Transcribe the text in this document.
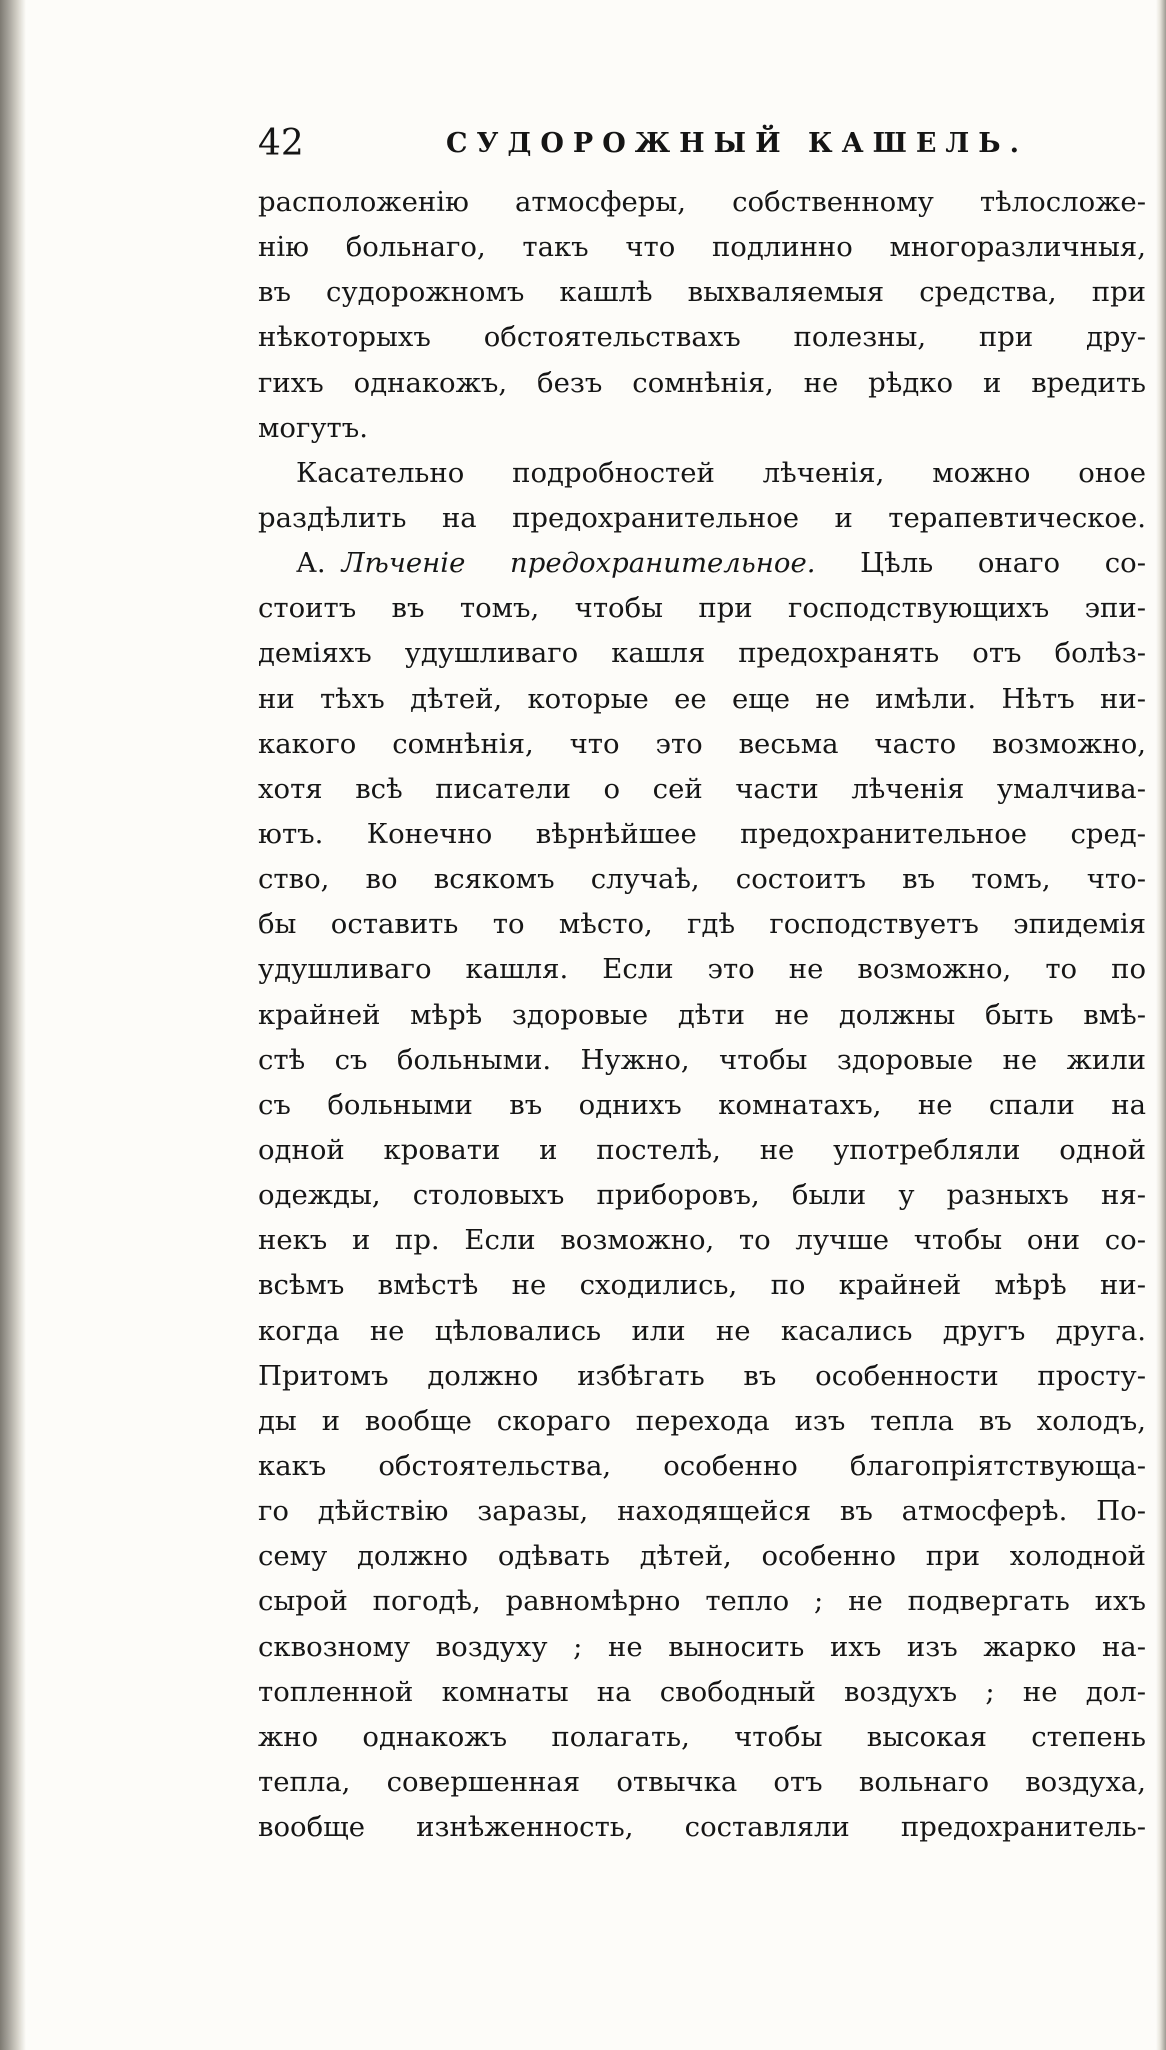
42	СУДОРОЖНЫЙ КАШЕЛЬ.
расположенiю атмосферы, собственному тѣлосложе-
нiю больнаго, такъ что подлинно многоразличныя,
въ судорожномъ кашлѣ выхваляемыя средства, при
нѣкоторыхъ обстоятельствахъ полезны, при дру-
гихъ однакожъ, безъ сомнѣнiя, не рѣдко и вредить
могутъ.
Касательно подробностей лѣченiя, можно оное
раздѣлить на предохранительное и терапевтическое.
А. Лѣченiе предохранительное. Цѣль онаго со-
стоитъ въ томъ, чтобы при господствующихъ эпи-
демiяхъ удушливаго кашля предохранять отъ болѣз-
ни тѣхъ дѣтей, которые ее еще не имѣли. Нѣтъ ни-
какого сомнѣнiя, что это весьма часто возможно,
хотя всѣ писатели о сей части лѣченiя умалчива-
ютъ. Конечно вѣрнѣйшее предохранительное сред-
ство, во всякомъ случаѣ, состоитъ въ томъ, что-
бы оставить то мѣсто, гдѣ господствуетъ эпидемiя
удушливаго кашля. Если это не возможно, то по
крайней мѣрѣ здоровые дѣти не должны быть вмѣ-
стѣ съ больными. Нужно, чтобы здоровые не жили
съ больными въ однихъ комнатахъ, не спали на
одной кровати и постелѣ, не употребляли одной
одежды, столовыхъ приборовъ, были у разныхъ ня-
некъ и пр. Если возможно, то лучше чтобы они со-
всѣмъ вмѣстѣ не сходились, по крайней мѣрѣ ни-
когда не цѣловались или не касались другъ друга.
Притомъ должно избѣгать въ особенности просту-
ды и вообще скораго перехода изъ тепла въ холодъ,
какъ обстоятельства, особенно благопрiятствующа-
го дѣйствiю заразы, находящейся въ атмосферѣ. По-
сему должно одѣвать дѣтей, особенно при холодной
сырой погодѣ, равномѣрно тепло ; не подвергать ихъ
сквозному воздуху ; не выносить ихъ изъ жарко на-
топленной комнаты на свободный воздухъ ; не дол-
жно однакожъ полагать, чтобы высокая степень
тепла, совершенная отвычка отъ вольнаго воздуха,
вообще изнѣженность, составляли предохранитель-
